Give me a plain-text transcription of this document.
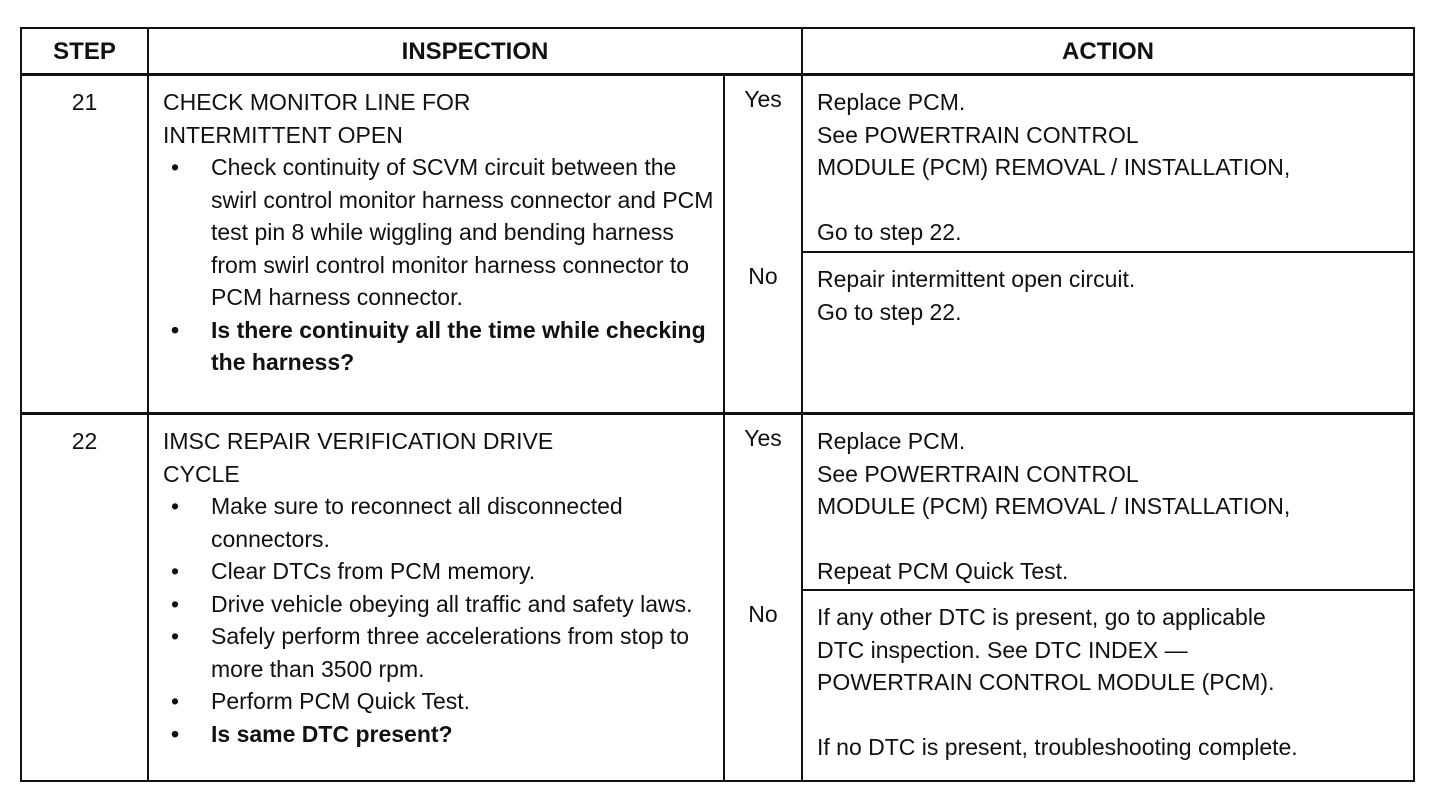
STEP	INSPECTION	ACTION
21	CHECK MONITOR LINE FOR
INTERMITTENT OPEN
• Check continuity of SCVM circuit between the swirl control monitor harness connector and PCM test pin 8 while wiggling and bending harness from swirl control monitor harness connector to PCM harness connector.
• Is there continuity all the time while checking the harness?
Yes	Replace PCM.
See POWERTRAIN CONTROL
MODULE (PCM) REMOVAL / INSTALLATION,
Go to step 22.
No	Repair intermittent open circuit.
Go to step 22.
22	IMSC REPAIR VERIFICATION DRIVE
CYCLE
• Make sure to reconnect all disconnected connectors.
• Clear DTCs from PCM memory.
• Drive vehicle obeying all traffic and safety laws.
• Safely perform three accelerations from stop to more than 3500 rpm.
• Perform PCM Quick Test.
• Is same DTC present?
Yes	Replace PCM.
See POWERTRAIN CONTROL
MODULE (PCM) REMOVAL / INSTALLATION,
Repeat PCM Quick Test.
No	If any other DTC is present, go to applicable
DTC inspection. See DTC INDEX —
POWERTRAIN CONTROL MODULE (PCM).
If no DTC is present, troubleshooting complete.
